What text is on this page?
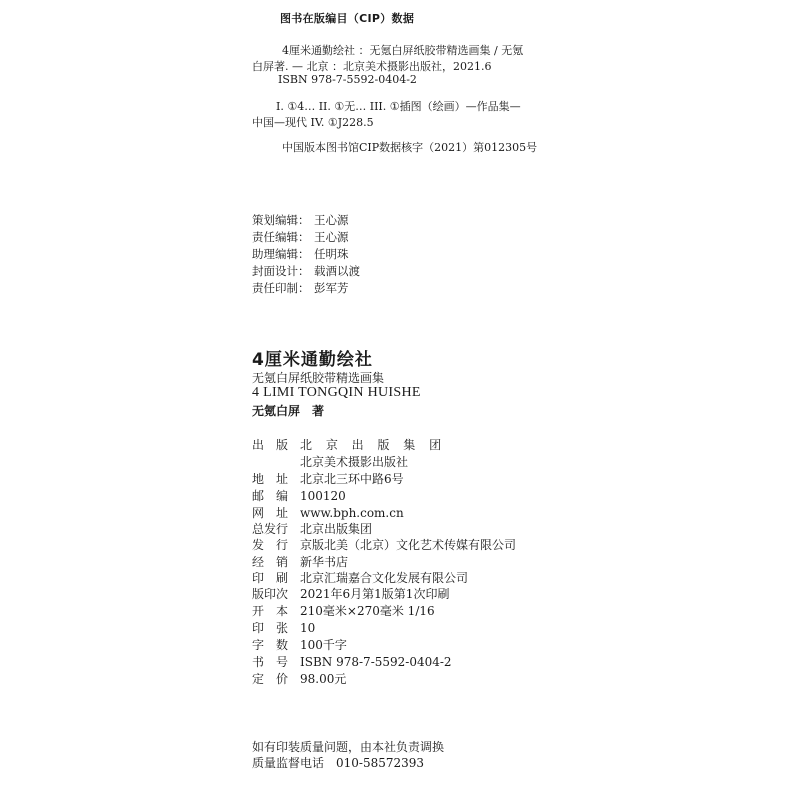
图书在版编目（CIP）数据
4厘米通勤绘社 ：无氪白屏纸胶带精选画集 / 无氪
白屏著. — 北京 ：北京美术摄影出版社，2021.6
ISBN 978-7-5592-0404-2
I. ①4… II. ①无… III. ①插图（绘画）—作品集—
中国—现代 IV. ①J228.5
中国版本图书馆CIP数据核字（2021）第012305号
策划编辑： 王心源
责任编辑： 王心源
助理编辑： 任明珠
封面设计： 载酒以渡
责任印制： 彭军芳
4厘米通勤绘社
无氪白屏纸胶带精选画集
4 LIMI TONGQIN HUISHE
无氪白屏　著
出　版 北 京 出 版 集 团
北京美术摄影出版社
地　址 北京北三环中路6号
邮　编 100120
网　址 www.bph.com.cn
总发行 北京出版集团
发　行 京版北美（北京）文化艺术传媒有限公司
经　销 新华书店
印　刷 北京汇瑞嘉合文化发展有限公司
版印次 2021年6月第1版第1次印刷
开　本 210毫米×270毫米 1/16
印　张 10
字　数 100千字
书　号 ISBN 978-7-5592-0404-2
定　价 98.00元
如有印装质量问题，由本社负责调换
质量监督电话　010-58572393
